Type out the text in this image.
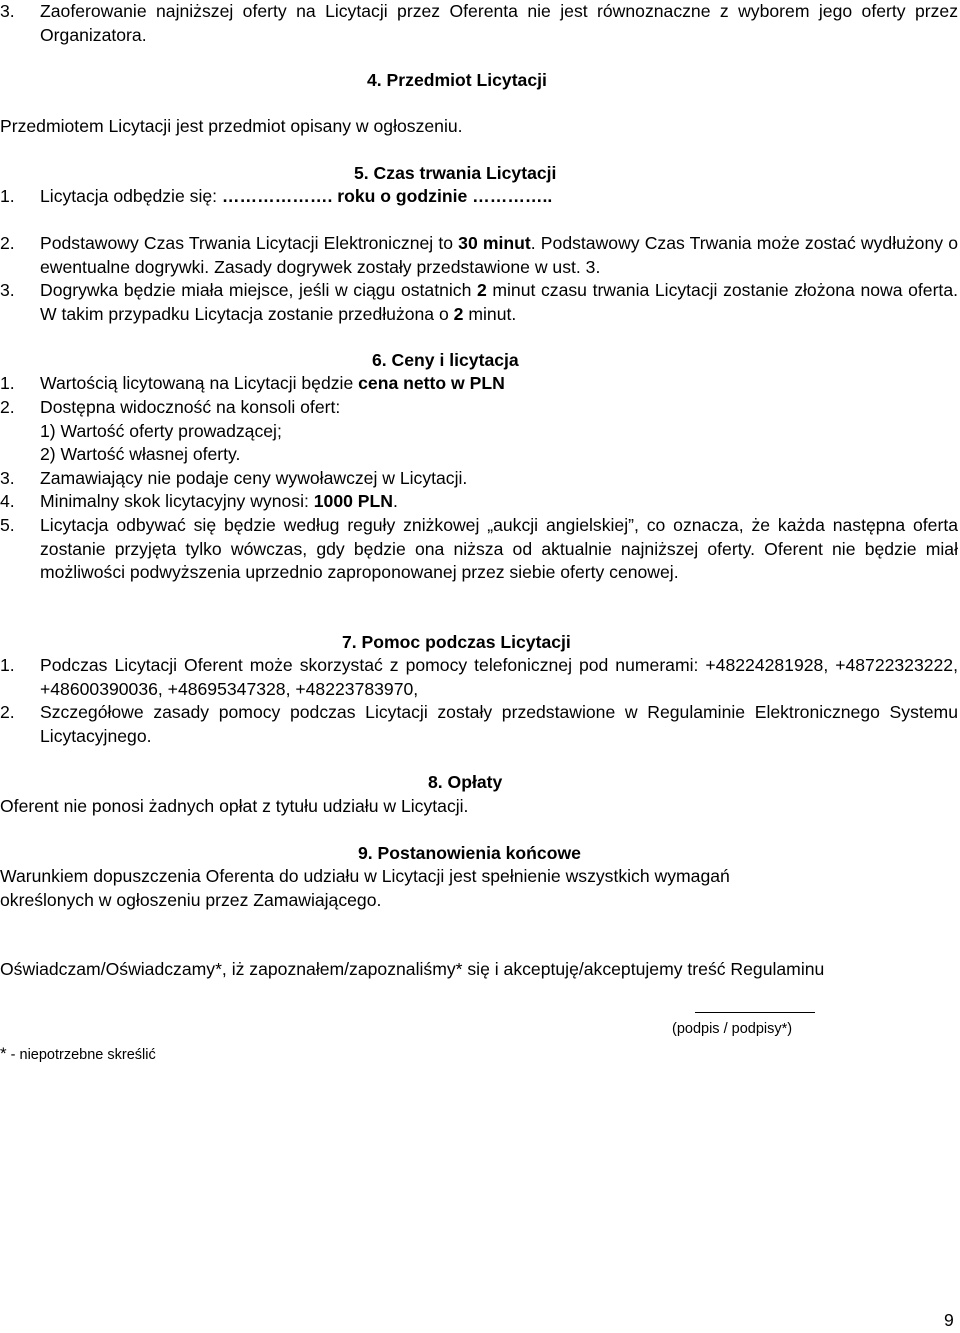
3.	Zaoferowanie najniższej oferty na Licytacji przez Oferenta nie jest równoznaczne z wyborem jego oferty przez Organizatora.
4. Przedmiot Licytacji
Przedmiotem Licytacji jest przedmiot opisany w ogłoszeniu.
5. Czas trwania Licytacji
1.	Licytacja odbędzie się: ………………. roku o godzinie …………..
2.	Podstawowy Czas Trwania Licytacji Elektronicznej to 30 minut. Podstawowy Czas Trwania może zostać wydłużony o ewentualne dogrywki. Zasady dogrywek zostały przedstawione w ust. 3.
3.	Dogrywka będzie miała miejsce, jeśli w ciągu ostatnich 2 minut czasu trwania Licytacji zostanie złożona nowa oferta. W takim przypadku Licytacja zostanie przedłużona o 2 minut.
6. Ceny i licytacja
1.	Wartością licytowaną na Licytacji będzie cena netto w PLN
2.	Dostępna widoczność na konsoli ofert:
1) Wartość oferty prowadzącej;
2) Wartość własnej oferty.
3.	Zamawiający nie podaje ceny wywoławczej w Licytacji.
4.	Minimalny skok licytacyjny wynosi: 1000 PLN.
5.	Licytacja odbywać się będzie według reguły zniżkowej „aukcji angielskiej”, co oznacza, że każda następna oferta zostanie przyjęta tylko wówczas, gdy będzie ona niższa od aktualnie najniższej oferty. Oferent nie będzie miał możliwości podwyższenia uprzednio zaproponowanej przez siebie oferty cenowej.
7. Pomoc podczas Licytacji
1.	Podczas Licytacji Oferent może skorzystać z pomocy telefonicznej pod numerami: +48224281928, +48722323222, +48600390036, +48695347328, +48223783970,
2.	Szczegółowe zasady pomocy podczas Licytacji zostały przedstawione w Regulaminie Elektronicznego Systemu Licytacyjnego.
8. Opłaty
Oferent nie ponosi żadnych opłat z tytułu udziału w Licytacji.
9. Postanowienia końcowe
Warunkiem dopuszczenia Oferenta do udziału w Licytacji jest spełnienie wszystkich wymagań
określonych w ogłoszeniu przez Zamawiającego.
Oświadczam/Oświadczamy*, iż zapoznałem/zapoznaliśmy* się i akceptuję/akceptujemy treść Regulaminu
(podpis / podpisy*)
* - niepotrzebne skreślić
9
